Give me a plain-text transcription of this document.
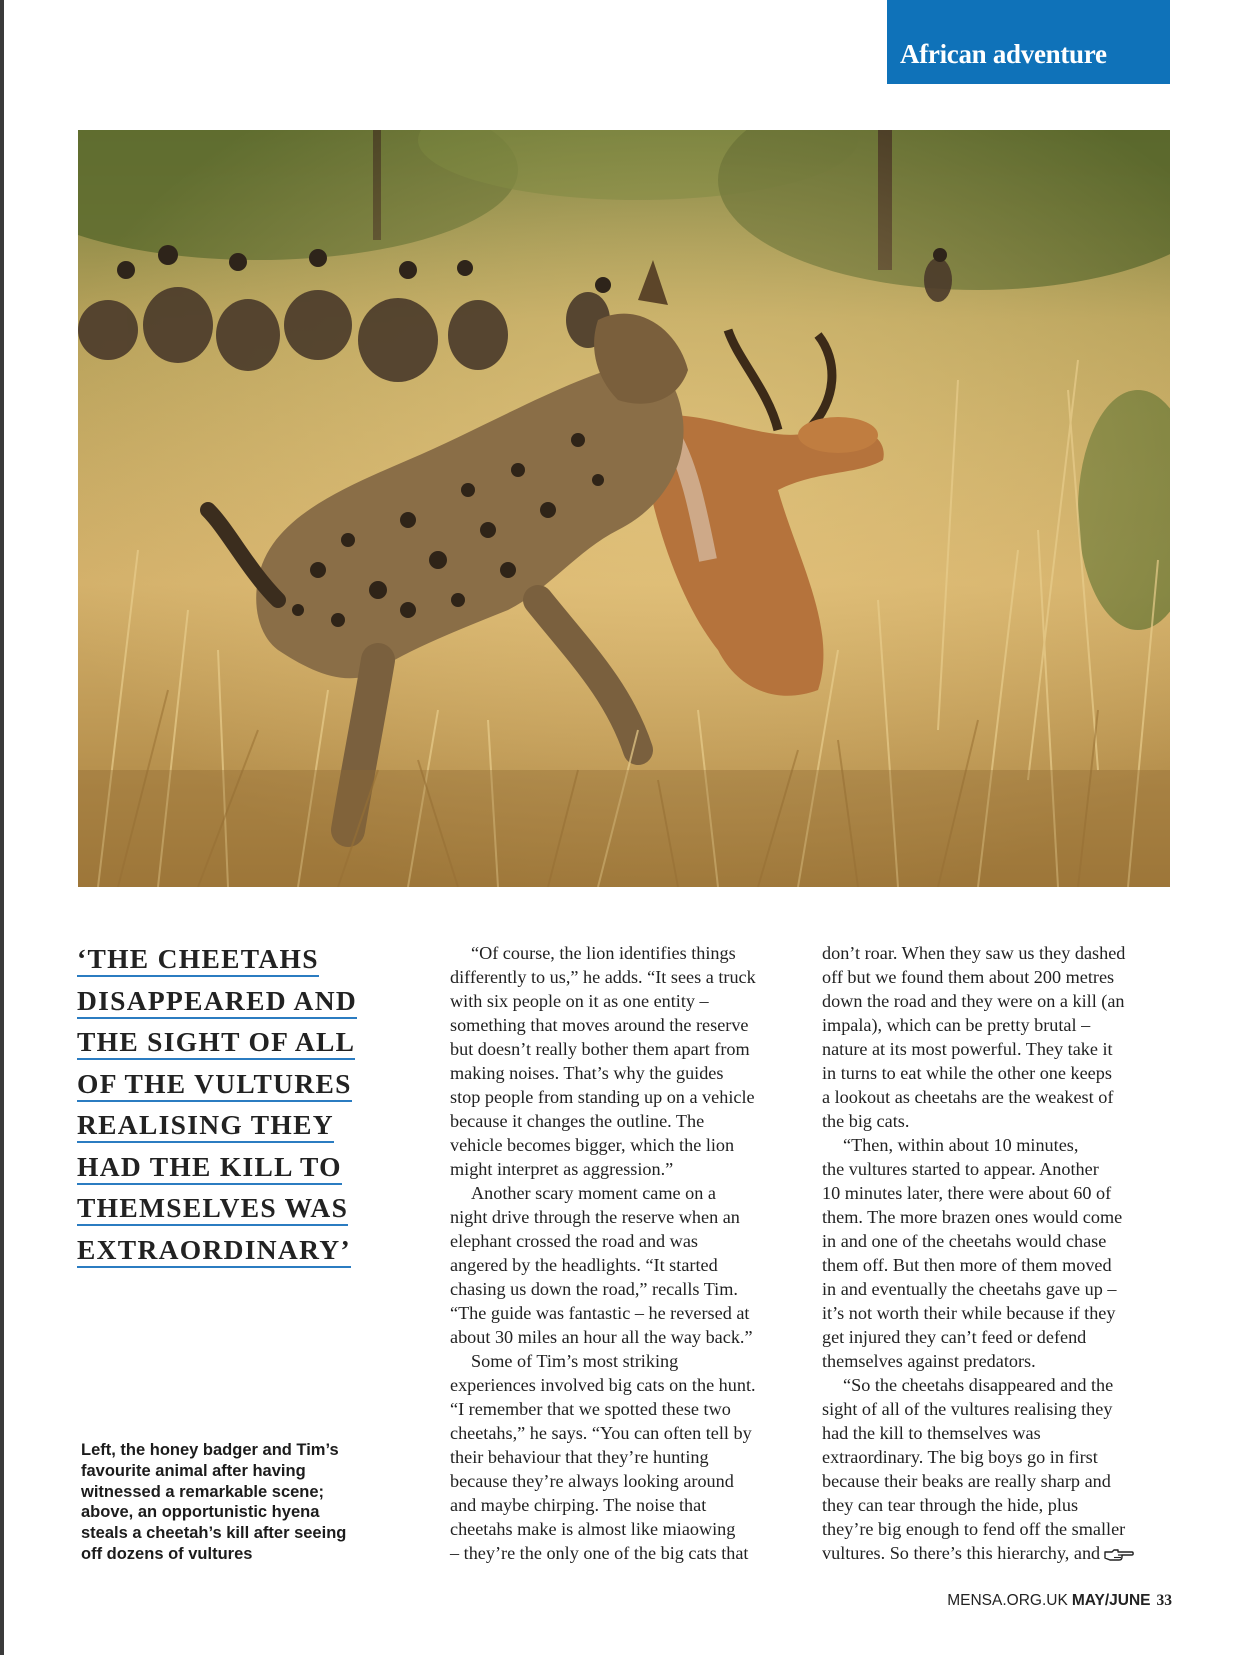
African adventure
‘THE CHEETAHS
DISAPPEARED AND
THE SIGHT OF ALL
OF THE VULTURES
REALISING THEY
HAD THE KILL TO
THEMSELVES WAS
EXTRAORDINARY’
Left, the honey badger and Tim’s
favourite animal after having
witnessed a remarkable scene;
above, an opportunistic hyena
steals a cheetah’s kill after seeing
off dozens of vultures
“Of course, the lion identifies things
differently to us,” he adds. “It sees a truck
with six people on it as one entity –
something that moves around the reserve
but doesn’t really bother them apart from
making noises. That’s why the guides
stop people from standing up on a vehicle
because it changes the outline. The
vehicle becomes bigger, which the lion
might interpret as aggression.”
Another scary moment came on a
night drive through the reserve when an
elephant crossed the road and was
angered by the headlights. “It started
chasing us down the road,” recalls Tim.
“The guide was fantastic – he reversed at
about 30 miles an hour all the way back.”
Some of Tim’s most striking
experiences involved big cats on the hunt.
“I remember that we spotted these two
cheetahs,” he says. “You can often tell by
their behaviour that they’re hunting
because they’re always looking around
and maybe chirping. The noise that
cheetahs make is almost like miaowing
– they’re the only one of the big cats that
don’t roar. When they saw us they dashed
off but we found them about 200 metres
down the road and they were on a kill (an
impala), which can be pretty brutal –
nature at its most powerful. They take it
in turns to eat while the other one keeps
a lookout as cheetahs are the weakest of
the big cats.
“Then, within about 10 minutes,
the vultures started to appear. Another
10 minutes later, there were about 60 of
them. The more brazen ones would come
in and one of the cheetahs would chase
them off. But then more of them moved
in and eventually the cheetahs gave up –
it’s not worth their while because if they
get injured they can’t feed or defend
themselves against predators.
“So the cheetahs disappeared and the
sight of all of the vultures realising they
had the kill to themselves was
extraordinary. The big boys go in first
because their beaks are really sharp and
they can tear through the hide, plus
they’re big enough to fend off the smaller
vultures. So there’s this hierarchy, and
MENSA.ORG.UK MAY/JUNE 33
